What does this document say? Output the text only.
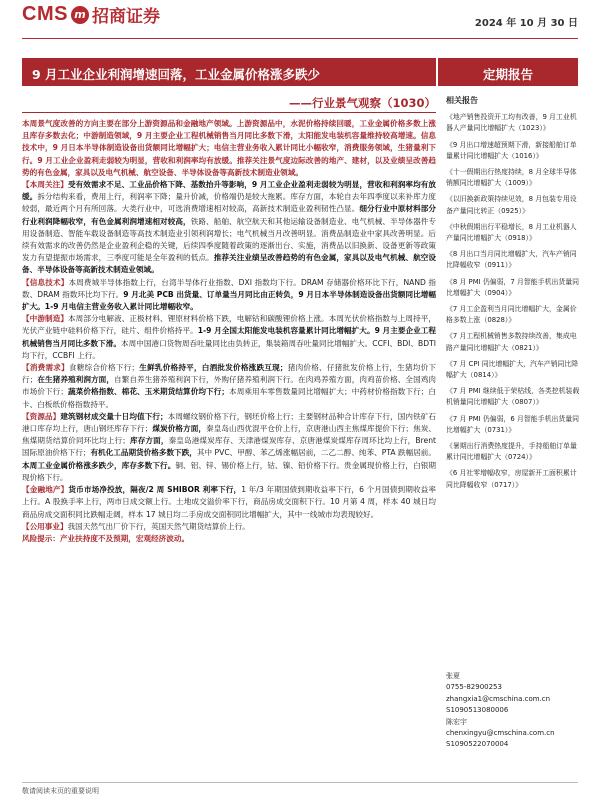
CMS m 招商证券	2024 年 10 月 30 日
9 月工业企业利润增速回落，工业金属价格涨多跌少	定期报告
——行业景气观察（1030）

本周景气度改善的方向主要在部分上游资源品和金融地产领域。上游资源品中，水泥价格持续回暖，工业金属价格多数上涨且库存多数去化；中游制造领域，9 月主要企业工程机械销售当月同比多数下滑，太阳能发电装机容量维持较高增速。信息技术中，9 月日本半导体制造设备出货额同比增幅扩大；电信主营业务收入累计同比小幅收窄，消费服务领域，生猪量利下行。9 月工业企业盈利走弱较为明显，营收和利润率均有放缓。推荐关注景气度边际改善的地产、建材，以及业绩呈改善趋势的有色金属，家具以及电气机械、航空设备、半导体设备等高新技术制造业领域。

【本周关注】受有效需求不足、工业品价格下降、基数抬升等影响，9 月工业企业盈利走弱较为明显，营收和利润率均有放缓。拆分结构来看，费用上行，利润率下降；量升价减，价格端仍是较大拖累。库存方面，本轮自去年四季度以来补库力度较弱，最近两个月有所回落。大类行业中，可选消费增速相对较高，高新技术制造业盈利韧性凸显。细分行业中原材料部分行业利润降幅收窄，有色金属利润增速相对较高，铁路、船舶、航空航天和其他运输设备制造业、电气机械、半导体器件专用设备制造、智能车载设备制造等高技术制造业引领利润增长；电气机械当月改善明显。消费品制造业中家具改善明显。后续有效需求的改善仍然是企业盈利企稳的关键，后续四季度随着政策的逐渐出台、实施，消费品以旧换新、设备更新等政策发力有望提振市场需求，三季度可能是全年盈利的低点。推荐关注业绩呈改善趋势的有色金属，家具以及电气机械、航空设备、半导体设备等高新技术制造业领域。

【信息技术】本周费城半导体指数上行，台湾半导体行业指数、DXI 指数均下行。DRAM 存储器价格环比下行，NAND 指数、DRAM 指数环比均下行。9 月北美 PCB 出货量、订单量当月同比由正转负，9 月日本半导体制造设备出货额同比增幅扩大。1-9 月电信主营业务收入累计同比增幅收窄。

【中游制造】本周部分电解液、正极材料、锂原材料价格下跌，电解钴和碳酸锂价格上涨。本周光伏价格指数与上周持平，光伏产业链中硅料价格下行，硅片、组件价格持平。1-9 月全国太阳能发电装机容量累计同比增幅扩大。9 月主要企业工程机械销售当月同比多数下滑。本周中国港口货物周吞吐量同比由负转正，集装箱周吞吐量同比增幅扩大。CCFI、BDI、BDTI 均下行，CCBFI 上行。

【消费需求】食糖综合价格下行；生鲜乳价格持平，白酒批发价格涨跌互现；猪肉价格、仔猪批发价格上行，生猪均价下行；在生猪养殖利润方面，自繁自养生猪养殖利润下行，外购仔猪养殖利润下行。在肉鸡养殖方面，肉鸡苗价格、全国鸡肉市场价下行；蔬菜价格指数、棉花、玉米期货结算价均下行；本周乘用车零售数量同比增幅扩大；中药材价格指数下行；白卡、白板纸价格指数持平。

【资源品】建筑钢材成交量十日均值下行；本周螺纹钢价格下行，钢坯价格上行；主要钢材品种合计库存下行，国内铁矿石港口库存均上行，唐山钢坯库存下行；煤炭价格方面，秦皇岛山西优混平仓价上行，京唐港山西主焦煤库提价下行；焦炭、焦煤期货结算价同环比均上行；库存方面，秦皇岛港煤炭库存、天津港煤炭库存、京唐港煤炭煤库存周环比均上行，Brent 国际原油价格下行；有机化工品期货价格多数下跌，其中 PVC、甲醇、苯乙烯涨幅居前，二乙二醇、纯苯、PTA 跌幅居前。本周工业金属价格涨多跌少，库存多数下行。铜、铝、锌、锡价格上行，钴、镍、铅价格下行。贵金属现价格上行，白银期现价格下行。

【金融地产】货币市场净投放，隔夜/2 周 SHIBOR 利率下行，1 年/3 年期国债到期收益率下行，6 个月国债到期收益率上行。A 股换手率上行，两市日成交额上行。土地成交溢价率下行，商品房成交面积下行。10 月第 4 周，样本 40 城日均商品房成交面积同比跌幅走阔，样本 17 城日均二手房成交面积同比增幅扩大，其中一线城市均表现较好。

【公用事业】我国天然气出厂价下行，英国天然气期货结算价上行。

风险提示：产业扶持度不及预期，宏观经济波动。

相关报告
《地产销售投资开工均有改善，9 月工业机器人产量同比增幅扩大（1023）》
《9 月出口增速超预期下滑，新接船舶订单量累计同比增幅扩大（1016）》
《十一假期出行热度持续，8 月全球半导体销额同比增幅扩大（1009）》
《以旧换新政策持续见效，8 月包装专用设备产量同比转正（0925）》
《中秋假期出行平稳增长，8 月工业机器人产量同比增幅扩大（0918）》
《8 月出口当月同比增幅扩大，汽车产销同比降幅收窄（0911）》
《8 月 PMI 仍偏弱，7 月智能手机出货量同比增幅扩大（0904）》
《7 月工企盈利当月同比增幅扩大，金属价格多数上涨（0828）》
《7 月工程机械销售多数持续改善，集成电路产量同比增幅扩大（0821）》
《7 月 CPI 同比增幅扩大，汽车产销同比降幅扩大（0814）》
《7 月 PMI 继续低于荣枯线，各类挖机装载机销量同比增幅扩大（0807）》
《7 月 PMI 仍偏弱，6 月智能手机出货量同比增幅扩大（0731）》
《暑期出行消费热度提升，手持船舶订单量累计同比增幅扩大（0724）》
《6 月社零增幅收窄，房屋新开工面积累计同比降幅收窄（0717）》
张夏
0755-82900253
zhangxia1@cmschina.com.cn
S1090513080006
陈宏宇
chenxingyu@cmschina.com.cn
S1090522070004
敬请阅读末页的重要说明
